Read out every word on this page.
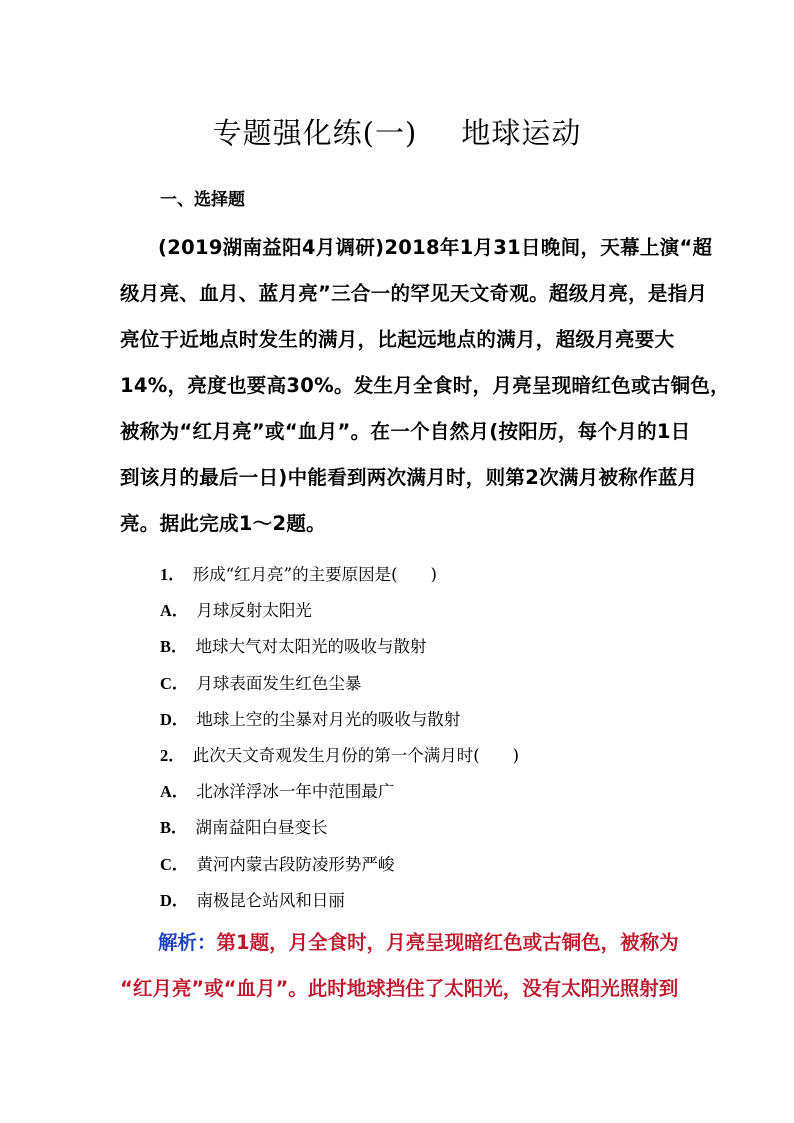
专题强化练(一) 地球运动
一、选择题
(2019湖南益阳4月调研)2018年1月31日晚间，天幕上演“超
级月亮、血月、蓝月亮”三合一的罕见天文奇观。超级月亮，是指月
亮位于近地点时发生的满月，比起远地点的满月，超级月亮要大
14%，亮度也要高30%。发生月全食时，月亮呈现暗红色或古铜色，
被称为“红月亮”或“血月”。在一个自然月(按阳历，每个月的1日
到该月的最后一日)中能看到两次满月时，则第2次满月被称作蓝月
亮。据此完成1～2题。
1． 形成“红月亮”的主要原因是(　　)
A． 月球反射太阳光
B． 地球大气对太阳光的吸收与散射
C． 月球表面发生红色尘暴
D． 地球上空的尘暴对月光的吸收与散射
2． 此次天文奇观发生月份的第一个满月时(　　)
A． 北冰洋浮冰一年中范围最广
B． 湖南益阳白昼变长
C． 黄河内蒙古段防凌形势严峻
D． 南极昆仑站风和日丽
解析：第1题，月全食时，月亮呈现暗红色或古铜色，被称为
“红月亮”或“血月”。此时地球挡住了太阳光，没有太阳光照射到
